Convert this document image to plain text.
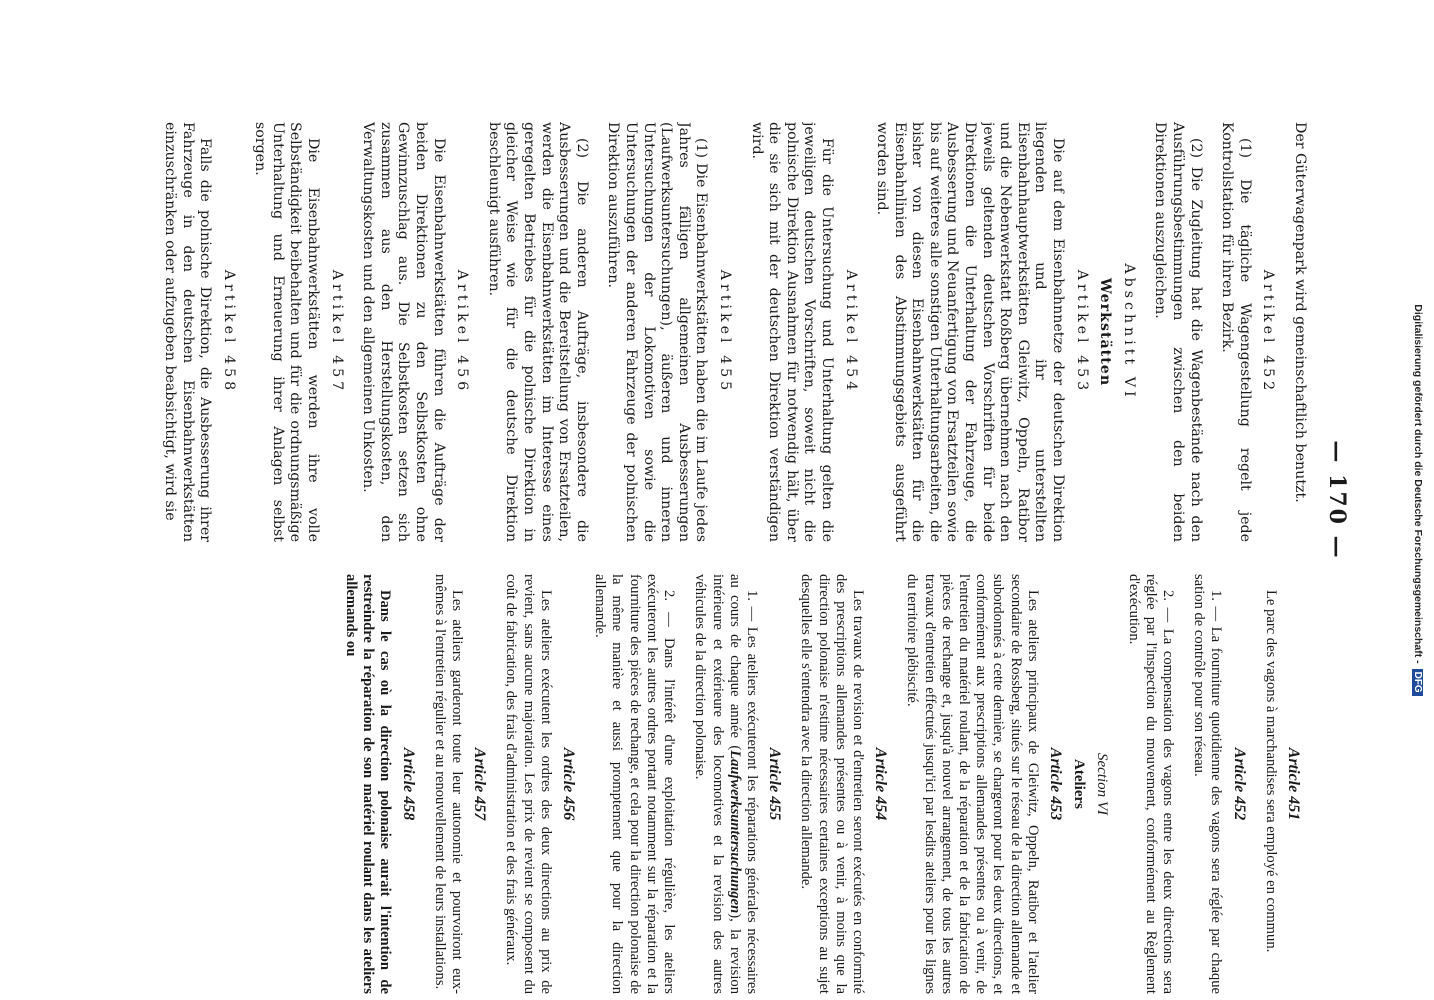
Digitalisierung gefördert durch die Deutsche Forschungsgemeinschaft - DFG
— 170 —

Der Güterwagenpark wird gemeinschaftlich benutzt.

Artikel 452

(1) Die tägliche Wagengestellung regelt jede Kontrollstation für ihren Bezirk.

(2) Die Zugleitung hat die Wagenbestände nach den Ausführungsbestimmungen zwischen den beiden Direktionen auszugleichen.

Abschnitt VI
Werkstätten
Artikel 453

Die auf dem Eisenbahnnetze der deutschen Direktion liegenden und ihr unterstellten Eisenbahnhauptwerkstätten Gleiwitz, Oppeln, Ratibor und die Nebenwerkstatt Roßberg übernehmen nach den jeweils geltenden deutschen Vorschriften für beide Direktionen die Unterhaltung der Fahrzeuge, die Ausbesserung und Neuanfertigung von Ersatzteilen sowie bis auf weiteres alle sonstigen Unterhaltungsarbeiten, die bisher von diesen Eisenbahnwerkstätten für die Eisenbahnlinien des Abstimmungsgebiets ausgeführt worden sind.

Artikel 454

Für die Untersuchung und Unterhaltung gelten die jeweiligen deutschen Vorschriften, soweit nicht die polnische Direktion Ausnahmen für notwendig hält, über die sie sich mit der deutschen Direktion verständigen wird.

Artikel 455

(1) Die Eisenbahnwerkstätten haben die im Laufe jedes Jahres fälligen allgemeinen Ausbesserungen (Laufwerksuntersuchungen), äußeren und inneren Untersuchungen der Lokomotiven sowie die Untersuchungen der anderen Fahrzeuge der polnischen Direktion auszuführen.

(2) Die anderen Aufträge, insbesondere die Ausbesserungen und die Bereitstellung von Ersatzteilen, werden die Eisenbahnwerkstätten im Interesse eines geregelten Betriebes für die polnische Direktion in gleicher Weise wie für die deutsche Direktion beschleunigt ausführen.

Artikel 456

Die Eisenbahnwerkstätten führen die Aufträge der beiden Direktionen zu den Selbstkosten ohne Gewinnzuschlag aus. Die Selbstkosten setzen sich zusammen aus den Herstellungskosten, den Verwaltungskosten und den allgemeinen Unkosten.

Artikel 457

Die Eisenbahnwerkstätten werden ihre volle Selbständigkeit beibehalten und für die ordnungsmäßige Unterhaltung und Erneuerung ihrer Anlagen selbst sorgen.

Artikel 458

Falls die polnische Direktion, die Ausbesserung ihrer Fahrzeuge in den deutschen Eisenbahnwerkstätten einzuschränken oder aufzugeben beabsichtigt, wird sie

Article 451

Le parc des vagons à marchandises sera employé en commun.

Article 452

1. — La fourniture quotidienne des vagons sera réglée par chaque sation de contrôle pour son réseau.

2. — La compensation des vagons entre les deux directions sera réglée par l'inspection du mouvement, conformément au Règlement d'exécution.

Section VI
Ateliers
Article 453

Les ateliers principaux de Gleiwitz, Oppeln, Ratibor et l'atelier secondaire de Rossberg, situés sur le réseau de la direction allemande et subordonnés à cette dernière, se chargeront pour les deux directions, et conformément aux prescriptions allemandes présentes ou à venir, de l'entretien du matériel roulant, de la réparation et de la fabrication de pièces de rechange et, jusqu'à nouvel arrangement, de tous les autres travaux d'entretien effectués jusqu'ici par lesdits ateliers pour les lignes du territoire plébiscité.

Article 454

Les travaux de revision et d'entretien seront exécutés en conformité des prescriptions allemandes présentes ou à venir, à moins que la direction polonaise n'estime nécessaires certaines exceptions au sujet desquelles elle s'entendra avec la direction allemande.

Article 455

1. — Les ateliers exécuteront les réparations générales nécessaires au cours de chaque année (Laufwerksuntersuchungen), la revision intérieure et extérieure des locomotives et la revision des autres véhicules de la direction polonaise.

2. — Dans l'intérêt d'une exploitation régulière, les ateliers exécuteront les autres ordres portant notamment sur la réparation et la fourniture des pièces de rechange, et cela pour la direction polonaise de la même manière et aussi promptement que pour la direction allemande.

Article 456

Les ateliers exécutent les ordres des deux directions au prix de revient, sans aucune majoration. Les prix de revient se composent du coût de fabrication, des frais d'administration et des frais généraux.

Article 457

Les ateliers garderont toute leur autonomie et pourvoiront eux-mêmes à l'entretien régulier et au renouvellement de leurs installations.

Article 458

Dans le cas où la direction polonaise aurait l'intention de restreindre la réparation de son matériel roulant dans les ateliers allemands ou
